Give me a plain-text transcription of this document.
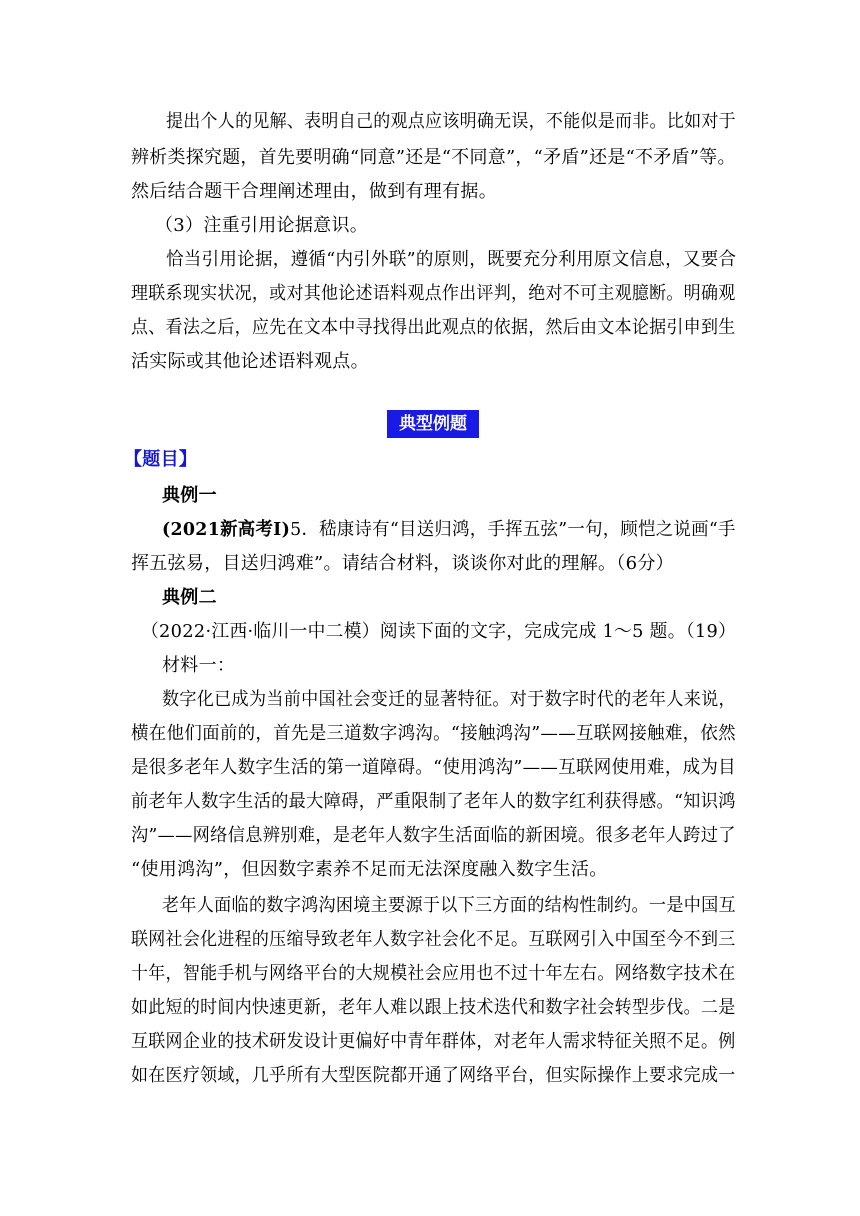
提出个人的见解、表明自己的观点应该明确无误，不能似是而非。比如对于
辨析类探究题，首先要明确“同意”还是“不同意”，“矛盾”还是“不矛盾”等。
然后结合题干合理阐述理由，做到有理有据。
（3）注重引用论据意识。
恰当引用论据，遵循“内引外联”的原则，既要充分利用原文信息，又要合
理联系现实状况，或对其他论述语料观点作出评判，绝对不可主观臆断。明确观
点、看法之后，应先在文本中寻找得出此观点的依据，然后由文本论据引申到生
活实际或其他论述语料观点。
典型例题
【题目】
典例一
(2021新高考Ⅰ)5．嵇康诗有“目送归鸿，手挥五弦”一句，顾恺之说画“手
挥五弦易，目送归鸿难”。请结合材料，谈谈你对此的理解。（6分）
典例二
（2022·江西·临川一中二模）阅读下面的文字，完成完成 1～5 题。（19）
材料一：
数字化已成为当前中国社会变迁的显著特征。对于数字时代的老年人来说，
横在他们面前的，首先是三道数字鸿沟。“接触鸿沟”——互联网接触难，依然
是很多老年人数字生活的第一道障碍。“使用鸿沟”——互联网使用难，成为目
前老年人数字生活的最大障碍，严重限制了老年人的数字红利获得感。“知识鸿
沟”——网络信息辨别难，是老年人数字生活面临的新困境。很多老年人跨过了
“使用鸿沟”，但因数字素养不足而无法深度融入数字生活。
老年人面临的数字鸿沟困境主要源于以下三方面的结构性制约。一是中国互
联网社会化进程的压缩导致老年人数字社会化不足。互联网引入中国至今不到三
十年，智能手机与网络平台的大规模社会应用也不过十年左右。网络数字技术在
如此短的时间内快速更新，老年人难以跟上技术迭代和数字社会转型步伐。二是
互联网企业的技术研发设计更偏好中青年群体，对老年人需求特征关照不足。例
如在医疗领域，几乎所有大型医院都开通了网络平台，但实际操作上要求完成一
